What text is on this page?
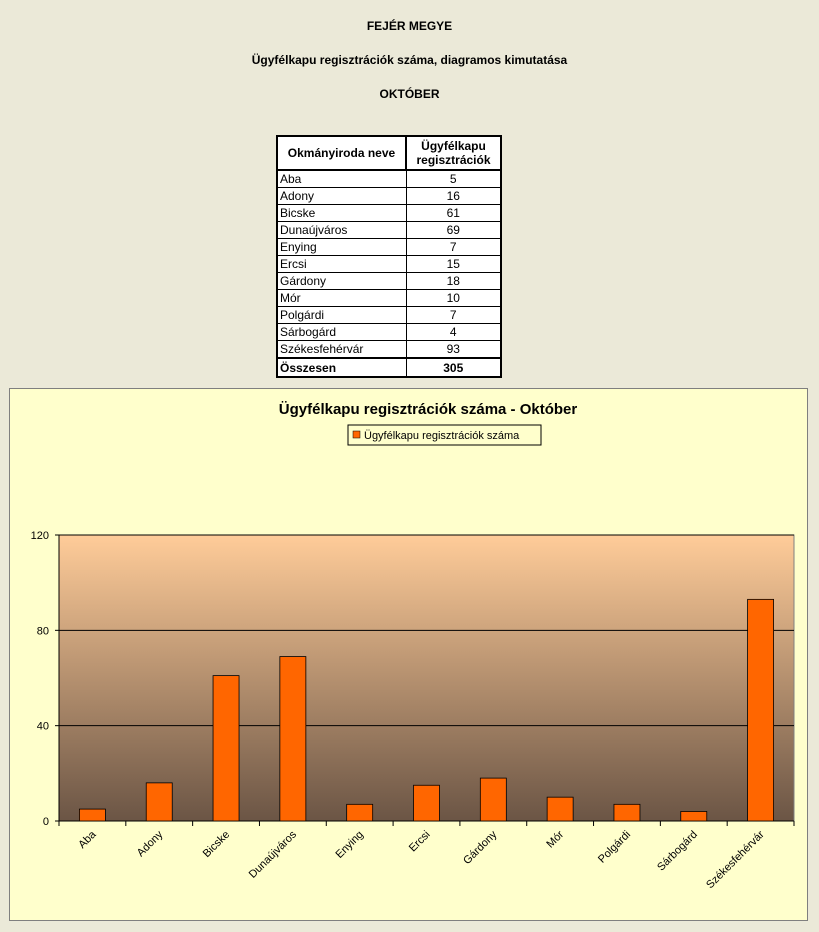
FEJÉR MEGYE
Ügyfélkapu regisztrációk száma, diagramos kimutatása
OKTÓBER
Okmányiroda neve	Ügyfélkapu
regisztrációk

Aba	5
Adony	16
Bicske	61
Dunaújváros	69
Enying	7
Ercsi	15
Gárdony	18
Mór	10
Polgárdi	7
Sárbogárd	4
Székesfehérvár	93
Összesen	305
Ügyfélkapu regisztrációk száma - Október
Ügyfélkapu regisztrációk száma
0
40
80
120
Aba	Adony	Bicske Dunaújváros	Enying	Ercsi	Gárdony	Mór	Polgárdi Sárbogárd Székesfehérvár
